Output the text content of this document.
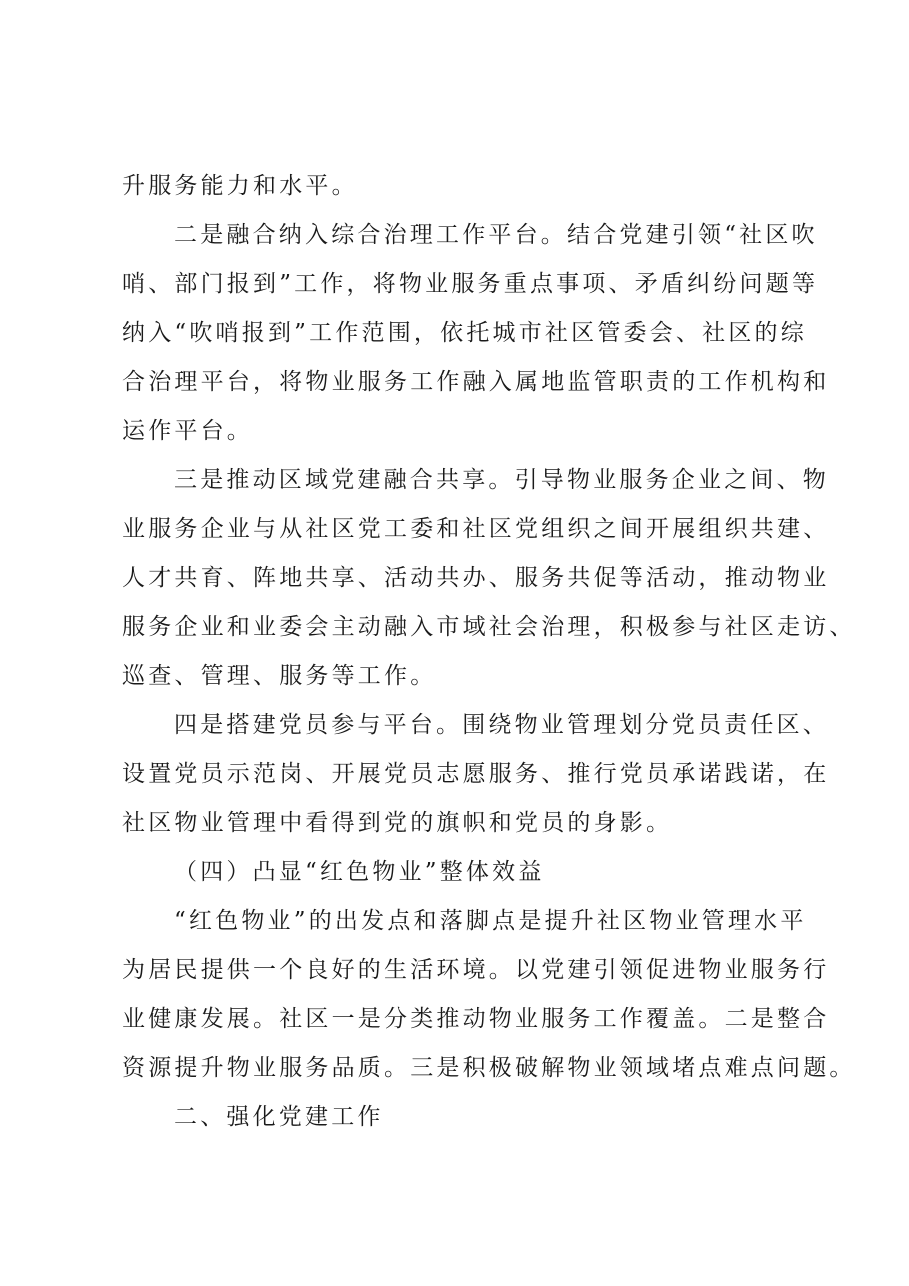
升服务能力和水平。
二是融合纳入综合治理工作平台。结合党建引领“社区吹
哨、部门报到”工作，将物业服务重点事项、矛盾纠纷问题等
纳入“吹哨报到”工作范围，依托城市社区管委会、社区的综
合治理平台，将物业服务工作融入属地监管职责的工作机构和
运作平台。
三是推动区域党建融合共享。引导物业服务企业之间、物
业服务企业与从社区党工委和社区党组织之间开展组织共建、
人才共育、阵地共享、活动共办、服务共促等活动，推动物业
服务企业和业委会主动融入市域社会治理，积极参与社区走访、
巡查、管理、服务等工作。
四是搭建党员参与平台。围绕物业管理划分党员责任区、
设置党员示范岗、开展党员志愿服务、推行党员承诺践诺，在
社区物业管理中看得到党的旗帜和党员的身影。
（四）凸显“红色物业”整体效益
“红色物业”的出发点和落脚点是提升社区物业管理水平
为居民提供一个良好的生活环境。以党建引领促进物业服务行
业健康发展。社区一是分类推动物业服务工作覆盖。二是整合
资源提升物业服务品质。三是积极破解物业领域堵点难点问题。
二、强化党建工作
